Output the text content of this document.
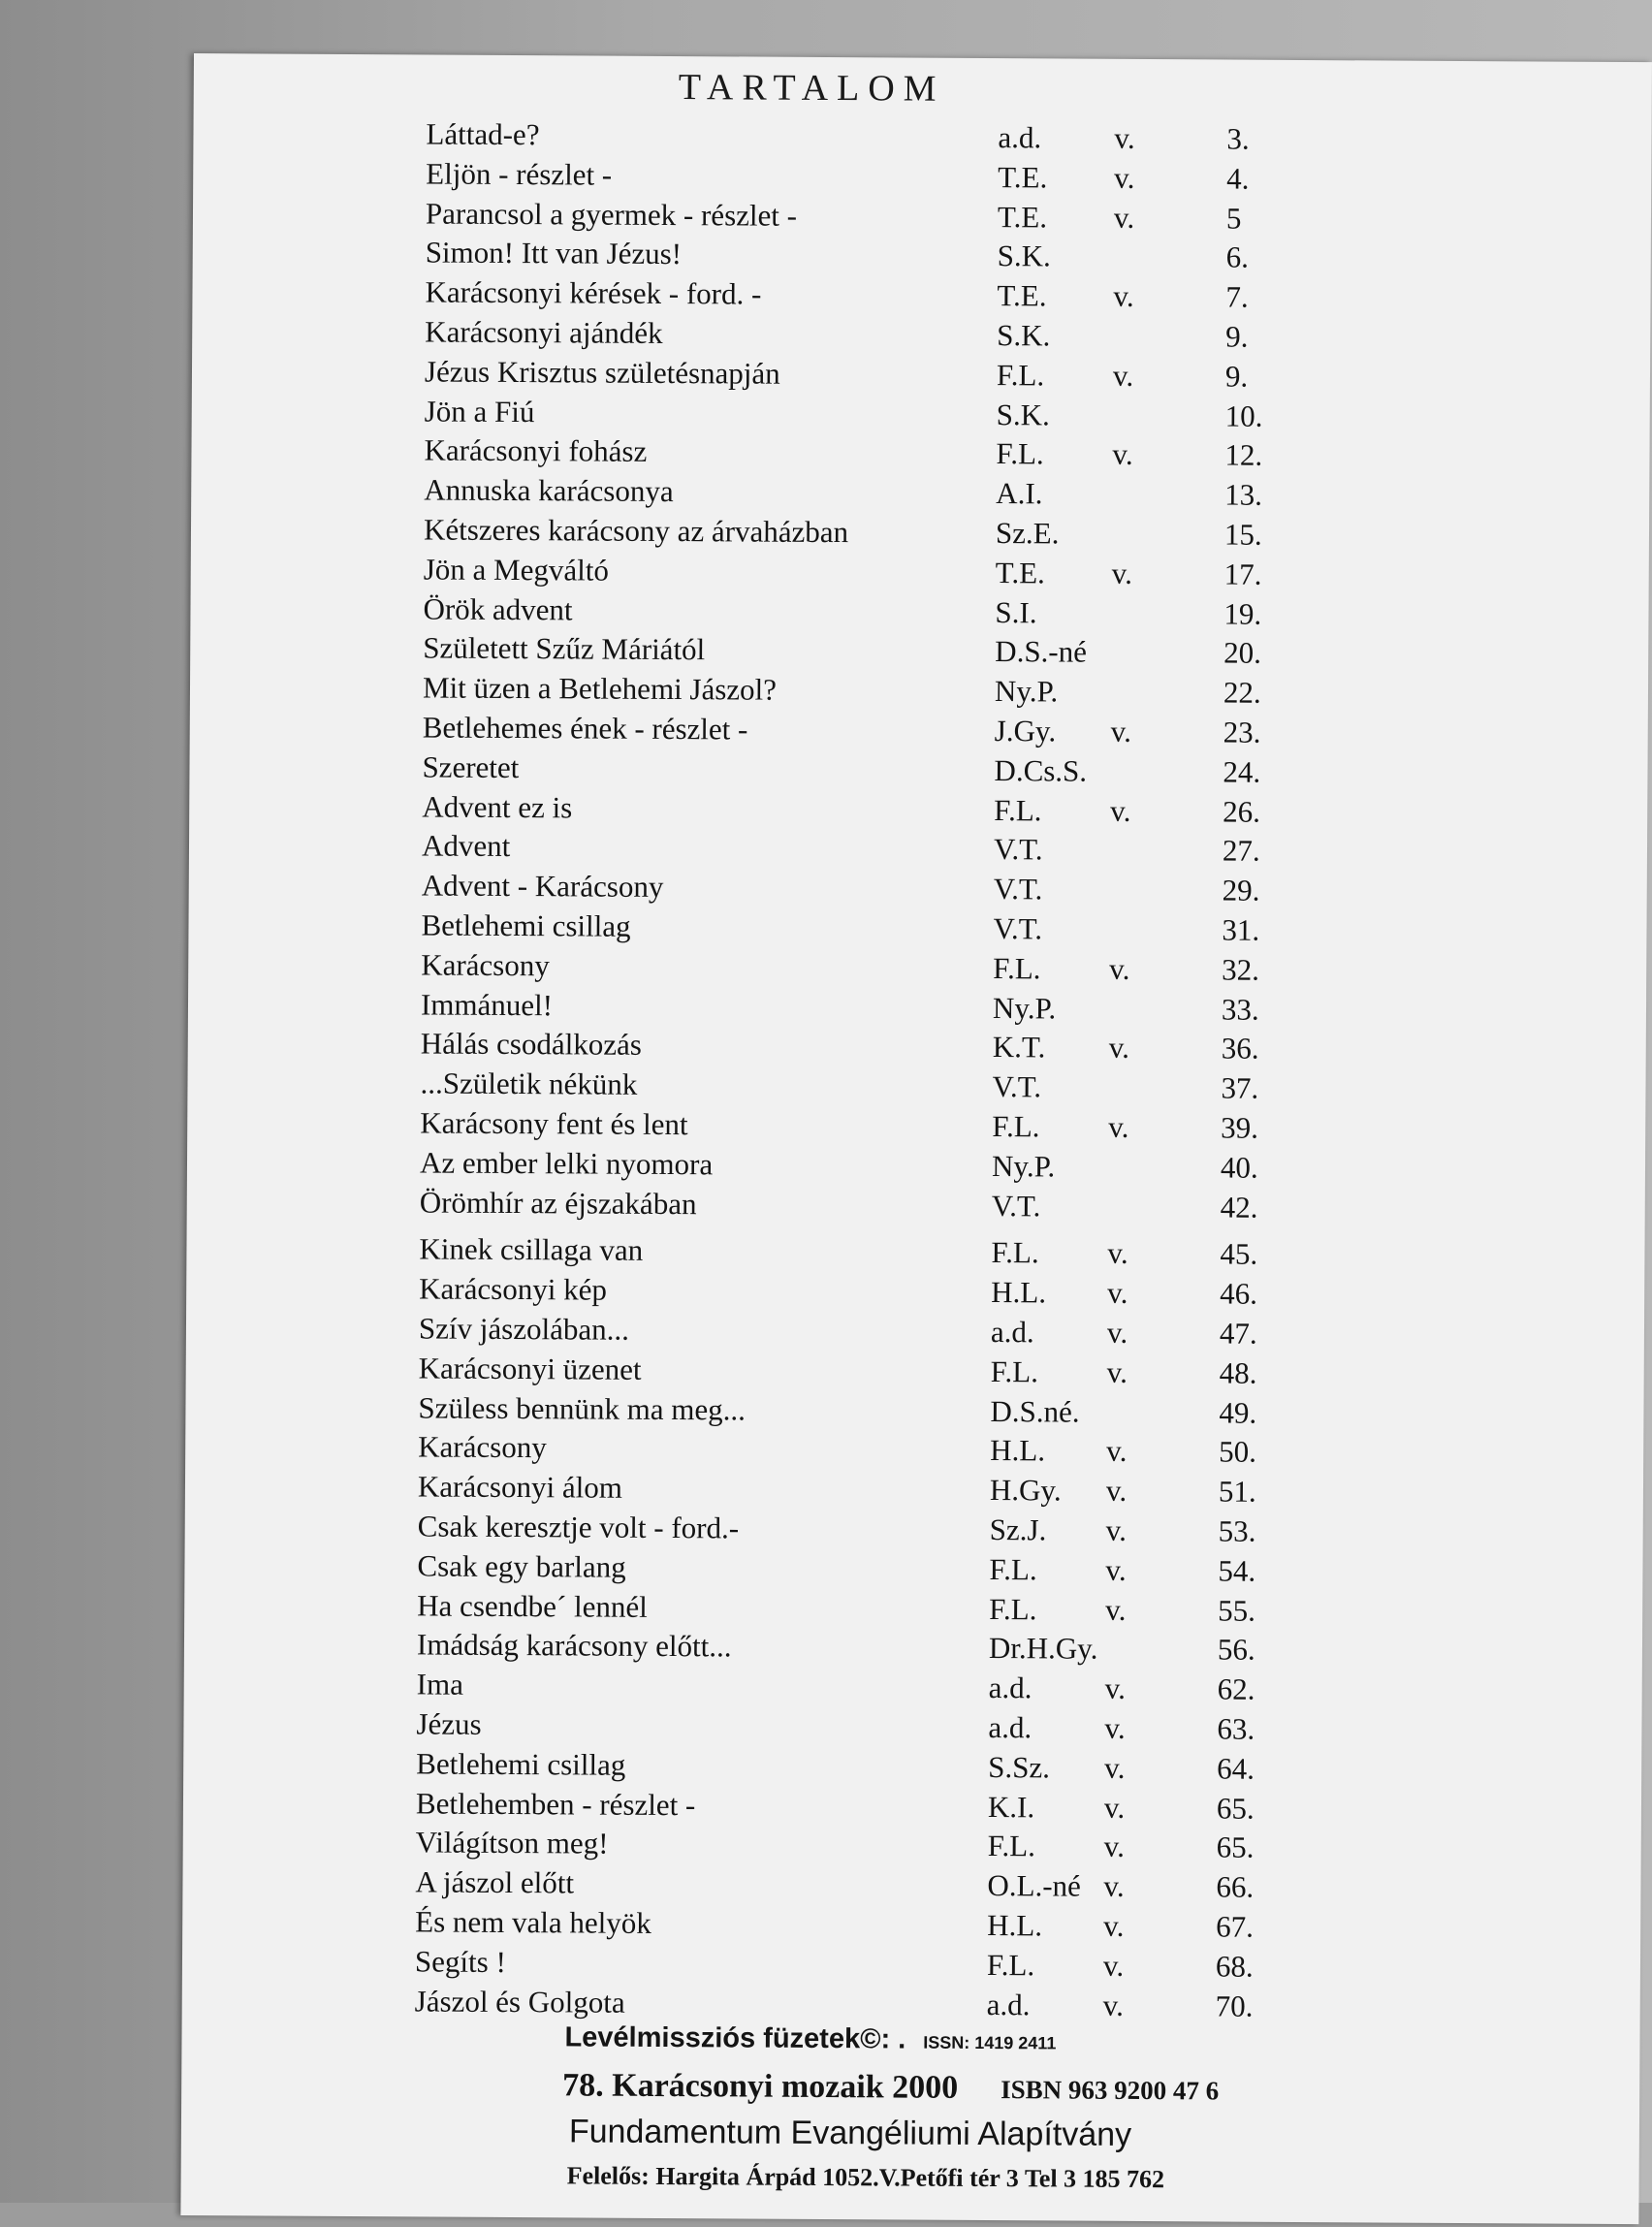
TARTALOM
Láttad-e?	a.d. v.	3.
Eljön - részlet -	T.E. v.	4.
Parancsol a gyermek - részlet -	T.E. v.	5
Simon! Itt van Jézus!	S.K.	6.
Karácsonyi kérések - ford. -	T.E. v.	7.
Karácsonyi ajándék	S.K.	9.
Jézus Krisztus születésnapján	F.L. v.	9.
Jön a Fiú	S.K.	10.
Karácsonyi fohász	F.L. v.	12.
Annuska karácsonya	A.I.	13.
Kétszeres karácsony az árvaházban	Sz.E.	15.
Jön a Megváltó	T.E. v.	17.
Örök advent	S.I.	19.
Született Szűz Máriától	D.S.-né	20.
Mit üzen a Betlehemi Jászol?	Ny.P.	22.
Betlehemes ének - részlet -	J.Gy. v.	23.
Szeretet	D.Cs.S.	24.
Advent ez is	F.L. v.	26.
Advent	V.T.	27.
Advent - Karácsony	V.T.	29.
Betlehemi csillag	V.T.	31.
Karácsony	F.L. v.	32.
Immánuel!	Ny.P.	33.
Hálás csodálkozás	K.T. v.	36.
...Születik nékünk	V.T.	37.
Karácsony fent és lent	F.L. v.	39.
Az ember lelki nyomora	Ny.P.	40.
Örömhír az éjszakában	V.T.	42.
Kinek csillaga van	F.L. v.	45.
Karácsonyi kép	H.L. v.	46.
Szív jászolában...	a.d. v.	47.
Karácsonyi üzenet	F.L. v.	48.
Szüless bennünk ma meg...	D.S.né.	49.
Karácsony	H.L. v.	50.
Karácsonyi álom	H.Gy. v.	51.
Csak keresztje volt - ford.-	Sz.J. v.	53.
Csak egy barlang	F.L. v.	54.
Ha csendbe´ lennél	F.L. v.	55.
Imádság karácsony előtt...	Dr.H.Gy.	56.
Ima	a.d. v.	62.
Jézus	a.d. v.	63.
Betlehemi csillag	S.Sz. v.	64.
Betlehemben - részlet -	K.I. v.	65.
Világítson meg!	F.L. v.	65.
A jászol előtt	O.L.-né v.	66.
És nem vala helyök	H.L. v.	67.
Segíts !	F.L. v.	68.
Jászol és Golgota	a.d. v.	70.
Levélmissziós füzetek©: . ISSN: 1419 2411
78. Karácsonyi mozaik 2000 ISBN 963 9200 47 6
Fundamentum Evangéliumi Alapítvány
Felelős: Hargita Árpád 1052.V.Petőfi tér 3 Tel 3 185 762
